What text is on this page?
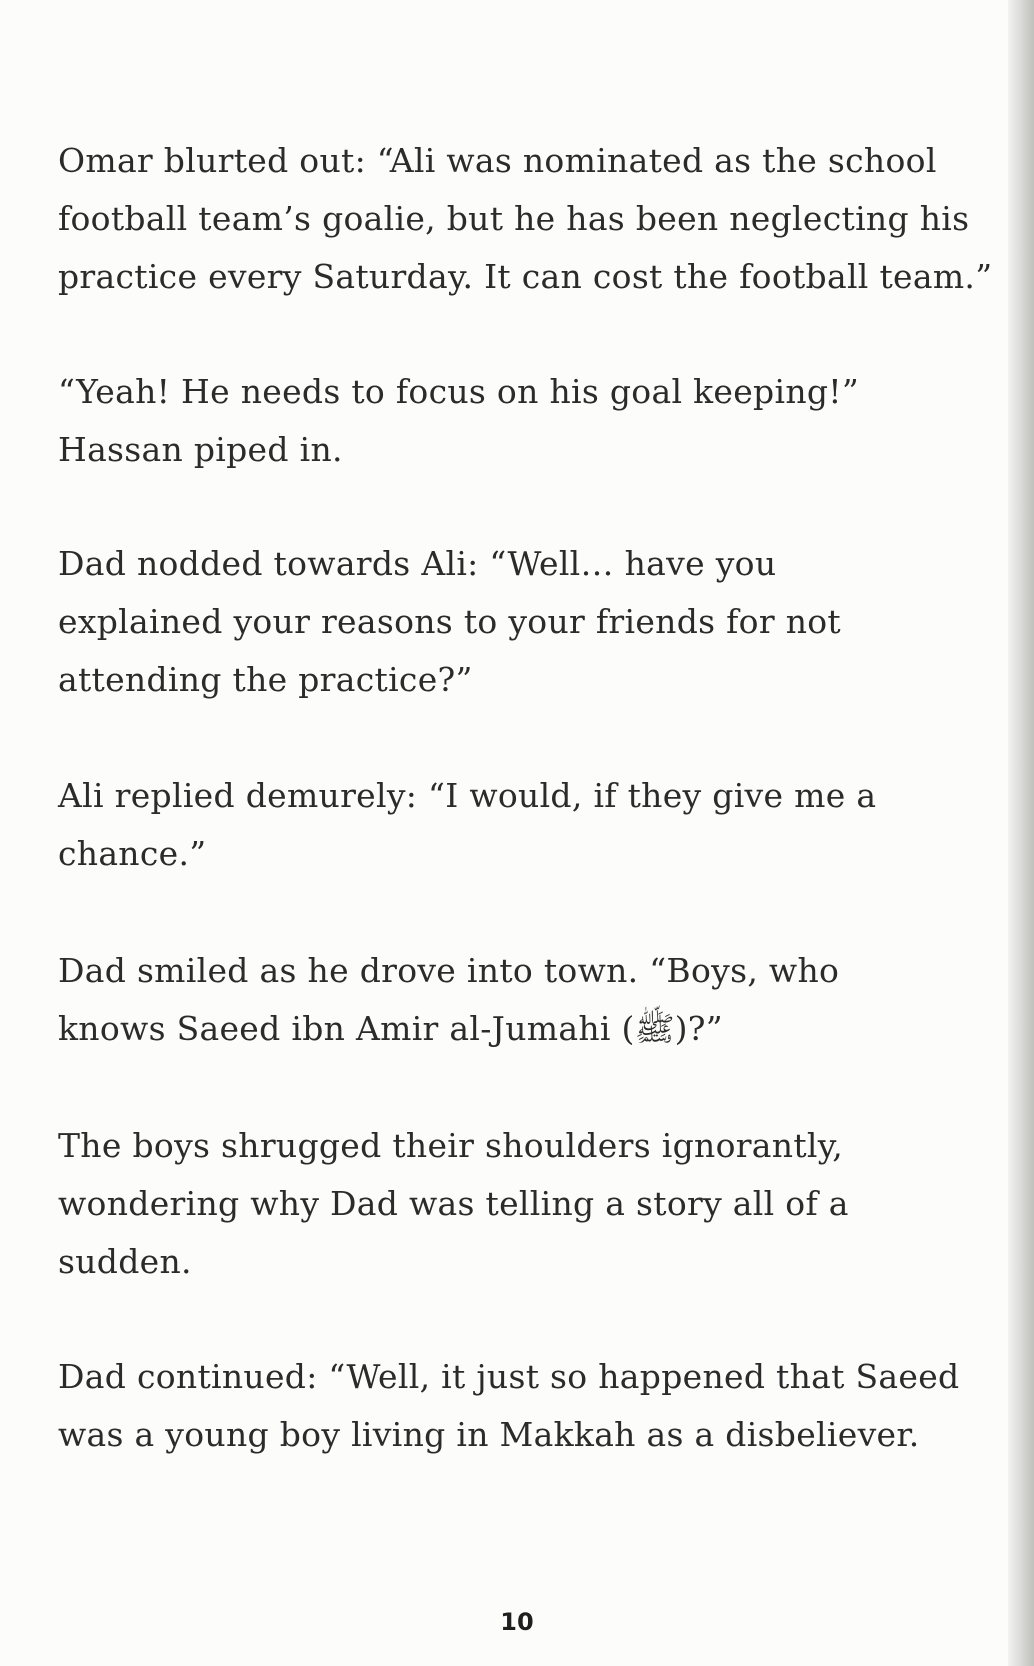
Omar blurted out: “Ali was nominated as the school
football team’s goalie, but he has been neglecting his
practice every Saturday. It can cost the football team.”
“Yeah! He needs to focus on his goal keeping!”
Hassan piped in.
Dad nodded towards Ali: “Well… have you
explained your reasons to your friends for not
attending the practice?”
Ali replied demurely: “I would, if they give me a
chance.”
Dad smiled as he drove into town. “Boys, who
knows Saeed ibn Amir al-Jumahi (ﷺ)?”
The boys shrugged their shoulders ignorantly,
wondering why Dad was telling a story all of a
sudden.
Dad continued: “Well, it just so happened that Saeed
was a young boy living in Makkah as a disbeliever.
10
